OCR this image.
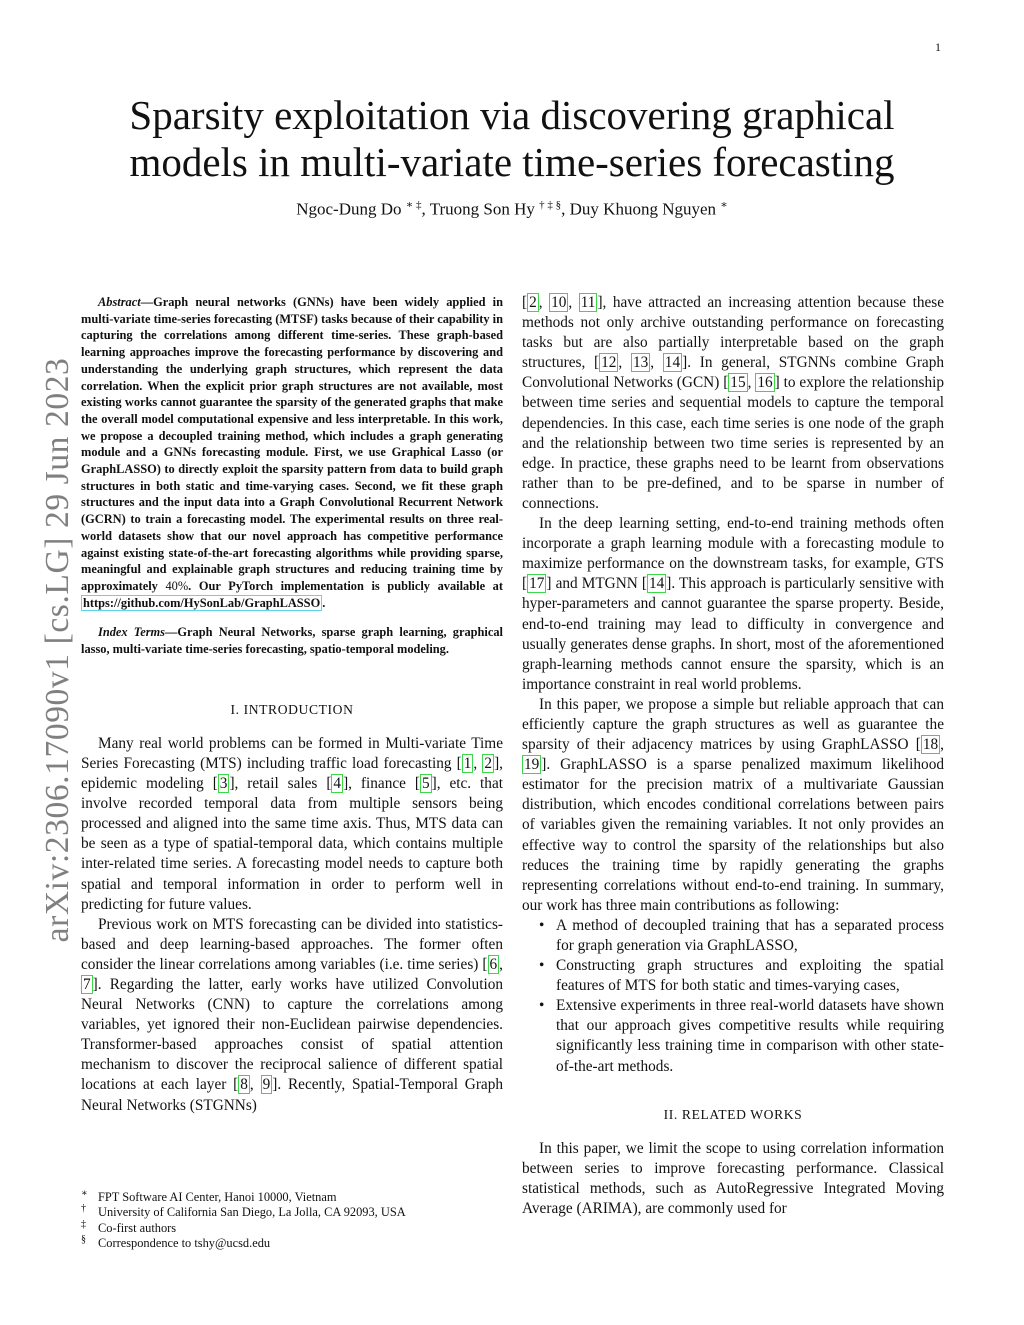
1
arXiv:2306.17090v1 [cs.LG] 29 Jun 2023
Sparsity exploitation via discovering graphical
models in multi-variate time-series forecasting
Ngoc-Dung Do ∗ ‡, Truong Son Hy † ‡ §, Duy Khuong Nguyen ∗

Abstract—Graph neural networks (GNNs) have been widely applied in multi-variate time-series forecasting (MTSF) tasks because of their capability in capturing the correlations among different time-series. These graph-based learning approaches improve the forecasting performance by discovering and understanding the underlying graph structures, which represent the data correlation. When the explicit prior graph structures are not available, most existing works cannot guarantee the sparsity of the generated graphs that make the overall model computational expensive and less interpretable. In this work, we propose a decoupled training method, which includes a graph generating module and a GNNs forecasting module. First, we use Graphical Lasso (or GraphLASSO) to directly exploit the sparsity pattern from data to build graph structures in both static and time-varying cases. Second, we fit these graph structures and the input data into a Graph Convolutional Recurrent Network (GCRN) to train a forecasting model. The experimental results on three real-world datasets show that our novel approach has competitive performance against existing state-of-the-art forecasting algorithms while providing sparse, meaningful and explainable graph structures and reducing training time by approximately 40%. Our PyTorch implementation is publicly available at https://github.com/HySonLab/GraphLASSO .

Index Terms—Graph Neural Networks, sparse graph learning, graphical lasso, multi-variate time-series forecasting, spatio-temporal modeling.

I. INTRODUCTION

Many real world problems can be formed in Multi-variate Time Series Forecasting (MTS) including traffic load forecasting [ 1 , 2 ], epidemic modeling [ 3 ], retail sales [ 4 ], finance [ 5 ], etc. that involve recorded temporal data from multiple sensors being processed and aligned into the same time axis. Thus, MTS data can be seen as a type of spatial-temporal data, which contains multiple inter-related time series. A forecasting model needs to capture both spatial and temporal information in order to perform well in predicting for future values.

Previous work on MTS forecasting can be divided into statistics-based and deep learning-based approaches. The former often consider the linear correlations among variables (i.e. time series) [ 6 , 7 ]. Regarding the latter, early works have utilized Convolution Neural Networks (CNN) to capture the correlations among variables, yet ignored their non-Euclidean pairwise dependencies. Transformer-based approaches consist of spatial attention mechanism to discover the reciprocal salience of different spatial locations at each layer [ 8 , 9 ]. Recently, Spatial-Temporal Graph Neural Networks (STGNNs)

∗ FPT Software AI Center, Hanoi 10000, Vietnam
† University of California San Diego, La Jolla, CA 92093, USA
‡ Co-first authors
§ Correspondence to tshy@ucsd.edu

[ 2 , 10 , 11 ], have attracted an increasing attention because these methods not only archive outstanding performance on forecasting tasks but are also partially interpretable based on the graph structures, [ 12 , 13 , 14 ]. In general, STGNNs combine Graph Convolutional Networks (GCN) [ 15 , 16 ] to explore the relationship between time series and sequential models to capture the temporal dependencies. In this case, each time series is one node of the graph and the relationship between two time series is represented by an edge. In practice, these graphs need to be learnt from observations rather than to be pre-defined, and to be sparse in number of connections.

In the deep learning setting, end-to-end training methods often incorporate a graph learning module with a forecasting module to maximize performance on the downstream tasks, for example, GTS [ 17 ] and MTGNN [ 14 ]. This approach is particularly sensitive with hyper-parameters and cannot guarantee the sparse property. Beside, end-to-end training may lead to difficulty in convergence and usually generates dense graphs. In short, most of the aforementioned graph-learning methods cannot ensure the sparsity, which is an importance constraint in real world problems.

In this paper, we propose a simple but reliable approach that can efficiently capture the graph structures as well as guarantee the sparsity of their adjacency matrices by using GraphLASSO [ 18 , 19 ]. GraphLASSO is a sparse penalized maximum likelihood estimator for the precision matrix of a multivariate Gaussian distribution, which encodes conditional correlations between pairs of variables given the remaining variables. It not only provides an effective way to control the sparsity of the relationships but also reduces the training time by rapidly generating the graphs representing correlations without end-to-end training. In summary, our work has three main contributions as following:

• A method of decoupled training that has a separated process for graph generation via GraphLASSO,
• Constructing graph structures and exploiting the spatial features of MTS for both static and times-varying cases,
• Extensive experiments in three real-world datasets have shown that our approach gives competitive results while requiring significantly less training time in comparison with other state-of-the-art methods.
II. RELATED WORKS

In this paper, we limit the scope to using correlation information between series to improve forecasting performance. Classical statistical methods, such as AutoRegressive Integrated Moving Average (ARIMA), are commonly used for
